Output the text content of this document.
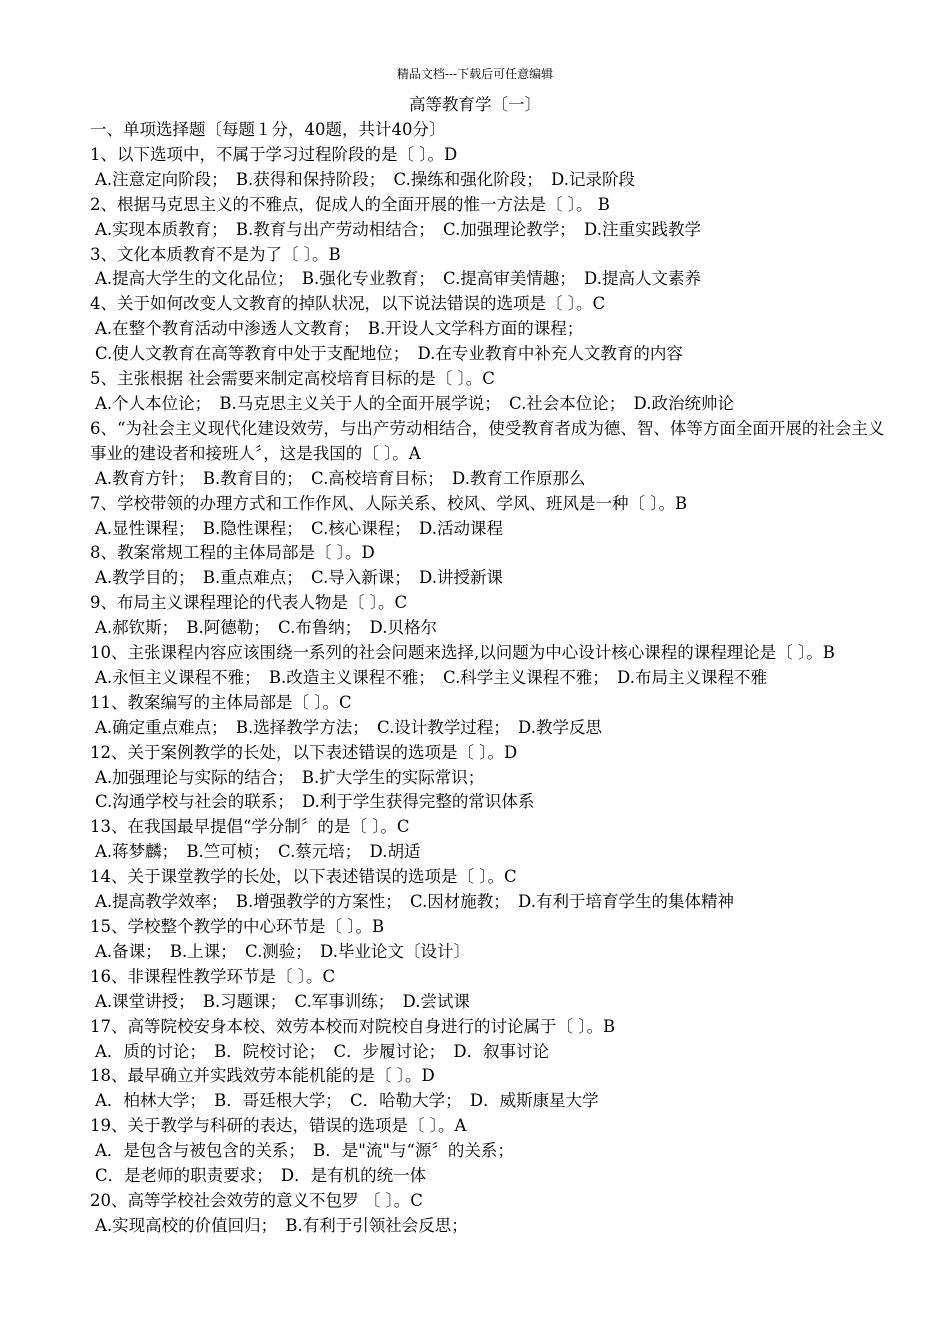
精品文档---下载后可任意编辑
高等教育学〔一〕
一、单项选择题〔每题１分，40题，共计40分〕
1、以下选项中，不属于学习过程阶段的是〔 〕。D
A.注意定向阶段；　B.获得和保持阶段；　C.操练和强化阶段；　D.记录阶段
2、根据马克思主义的不雅点，促成人的全面开展的惟一方法是〔 〕。 B
A.实现本质教育；　B.教育与出产劳动相结合；　C.加强理论教学；　D.注重实践教学
3、文化本质教育不是为了〔 〕。B
A.提高大学生的文化品位；　B.强化专业教育；　C.提高审美情趣；　D.提高人文素养
4、关于如何改变人文教育的掉队状况，以下说法错误的选项是〔 〕。C
A.在整个教育活动中渗透人文教育；　B.开设人文学科方面的课程；
C.使人文教育在高等教育中处于支配地位；　D.在专业教育中补充人文教育的内容
5、主张根据 社会需要来制定高校培育目标的是〔 〕。C
A.个人本位论；　B.马克思主义关于人的全面开展学说；　C.社会本位论；　D.政治统帅论
6、“为社会主义现代化建设效劳，与出产劳动相结合，使受教育者成为德、智、体等方面全面开展的社会主义事业的建设者和接班人〞，这是我国的〔 〕。A
A.教育方针；　B.教育目的；　C.高校培育目标；　D.教育工作原那么
7、学校带领的办理方式和工作作风、人际关系、校风、学风、班风是一种〔 〕。B
A.显性课程；　B.隐性课程；　C.核心课程；　D.活动课程
8、教案常规工程的主体局部是〔 〕。D
A.教学目的；　B.重点难点；　C.导入新课；　D.讲授新课
9、布局主义课程理论的代表人物是〔 〕。C
A.郝钦斯；　B.阿德勒；　C.布鲁纳；　D.贝格尔
10、主张课程内容应该围绕一系列的社会问题来选择,以问题为中心设计核心课程的课程理论是〔 〕。B
A.永恒主义课程不雅；　B.改造主义课程不雅；　C.科学主义课程不雅；　D.布局主义课程不雅
11、教案编写的主体局部是〔 〕。C
A.确定重点难点；　B.选择教学方法；　C.设计教学过程；　D.教学反思
12、关于案例教学的长处，以下表述错误的选项是〔 〕。D
A.加强理论与实际的结合；　B.扩大学生的实际常识；
C.沟通学校与社会的联系；　D.利于学生获得完整的常识体系
13、在我国最早提倡“学分制〞的是〔 〕。C
A.蒋梦麟；　B.竺可桢；　C.蔡元培；　D.胡适
14、关于课堂教学的长处，以下表述错误的选项是〔 〕。C
A.提高教学效率；　B.增强教学的方案性；　C.因材施教；　D.有利于培育学生的集体精神
15、学校整个教学的中心环节是〔 〕。B
A.备课；　B.上课；　C.测验；　D.毕业论文〔设计〕
16、非课程性教学环节是〔 〕。C
A.课堂讲授；　B.习题课；　C.军事训练；　D.尝试课
17、高等院校安身本校、效劳本校而对院校自身进行的讨论属于〔 〕。B
A．质的讨论；　B．院校讨论；　C．步履讨论；　D．叙事讨论
18、最早确立并实践效劳本能机能的是〔 〕。D
A．柏林大学；　B．哥廷根大学；　C．哈勒大学；　D．威斯康星大学
19、关于教学与科研的表达，错误的选项是〔 〕。A
A．是包含与被包含的关系；　B．是"流"与“源〞的关系；
C．是老师的职责要求；　D．是有机的统一体
20、高等学校社会效劳的意义不包罗 〔 〕。C
A.实现高校的价值回归；　B.有利于引领社会反思；
